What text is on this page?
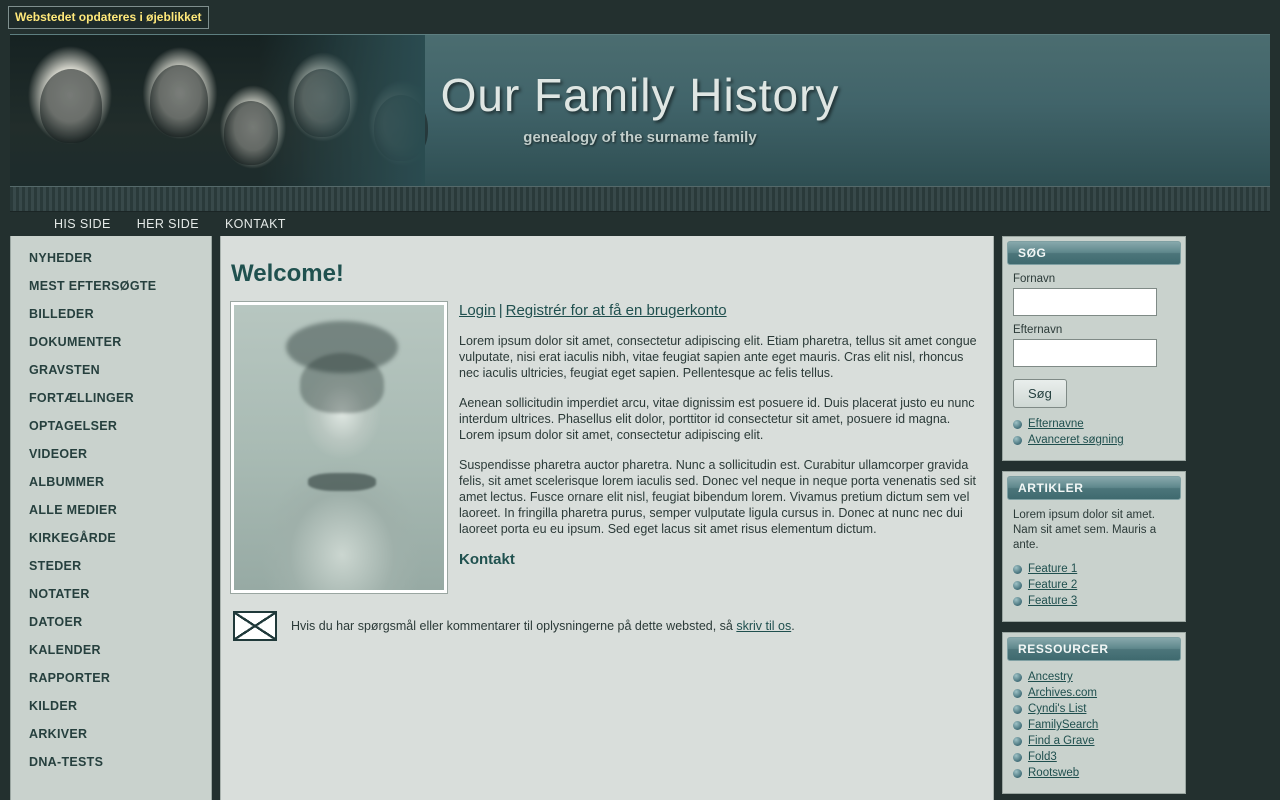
Webstedet opdateres i øjeblikket
Our Family History
genealogy of the surname family
HIS SIDE HER SIDE KONTAKT
NYHEDER
MEST EFTERSØGTE
BILLEDER
DOKUMENTER
GRAVSTEN
FORTÆLLINGER
OPTAGELSER
VIDEOER
ALBUMMER
ALLE MEDIER
KIRKEGÅRDE
STEDER
NOTATER
DATOER
KALENDER
RAPPORTER
KILDER
ARKIVER
DNA-TESTS
Welcome!
Login | Registrér for at få en brugerkonto

Lorem ipsum dolor sit amet, consectetur adipiscing elit. Etiam pharetra, tellus sit amet congue vulputate, nisi erat iaculis nibh, vitae feugiat sapien ante eget mauris. Cras elit nisl, rhoncus nec iaculis ultricies, feugiat eget sapien. Pellentesque ac felis tellus.

Aenean sollicitudin imperdiet arcu, vitae dignissim est posuere id. Duis placerat justo eu nunc interdum ultrices. Phasellus elit dolor, porttitor id consectetur sit amet, posuere id magna. Lorem ipsum dolor sit amet, consectetur adipiscing elit.

Suspendisse pharetra auctor pharetra. Nunc a sollicitudin est. Curabitur ullamcorper gravida felis, sit amet scelerisque lorem iaculis sed. Donec vel neque in neque porta venenatis sed sit amet lectus. Fusce ornare elit nisl, feugiat bibendum lorem. Vivamus pretium dictum sem vel laoreet. In fringilla pharetra purus, semper vulputate ligula cursus in. Donec at nunc nec dui laoreet porta eu eu ipsum. Sed eget lacus sit amet risus elementum dictum.

Kontakt
Hvis du har spørgsmål eller kommentarer til oplysningerne på dette websted, så skriv til os.
SØG
Fornavn
Efternavn
Søg
Efternavne
Avanceret søgning
ARTIKLER

Lorem ipsum dolor sit amet. Nam sit amet sem. Mauris a ante.

Feature 1
Feature 2
Feature 3
RESSOURCER
Ancestry
Archives.com
Cyndi's List
FamilySearch
Find a Grave
Fold3
Rootsweb
